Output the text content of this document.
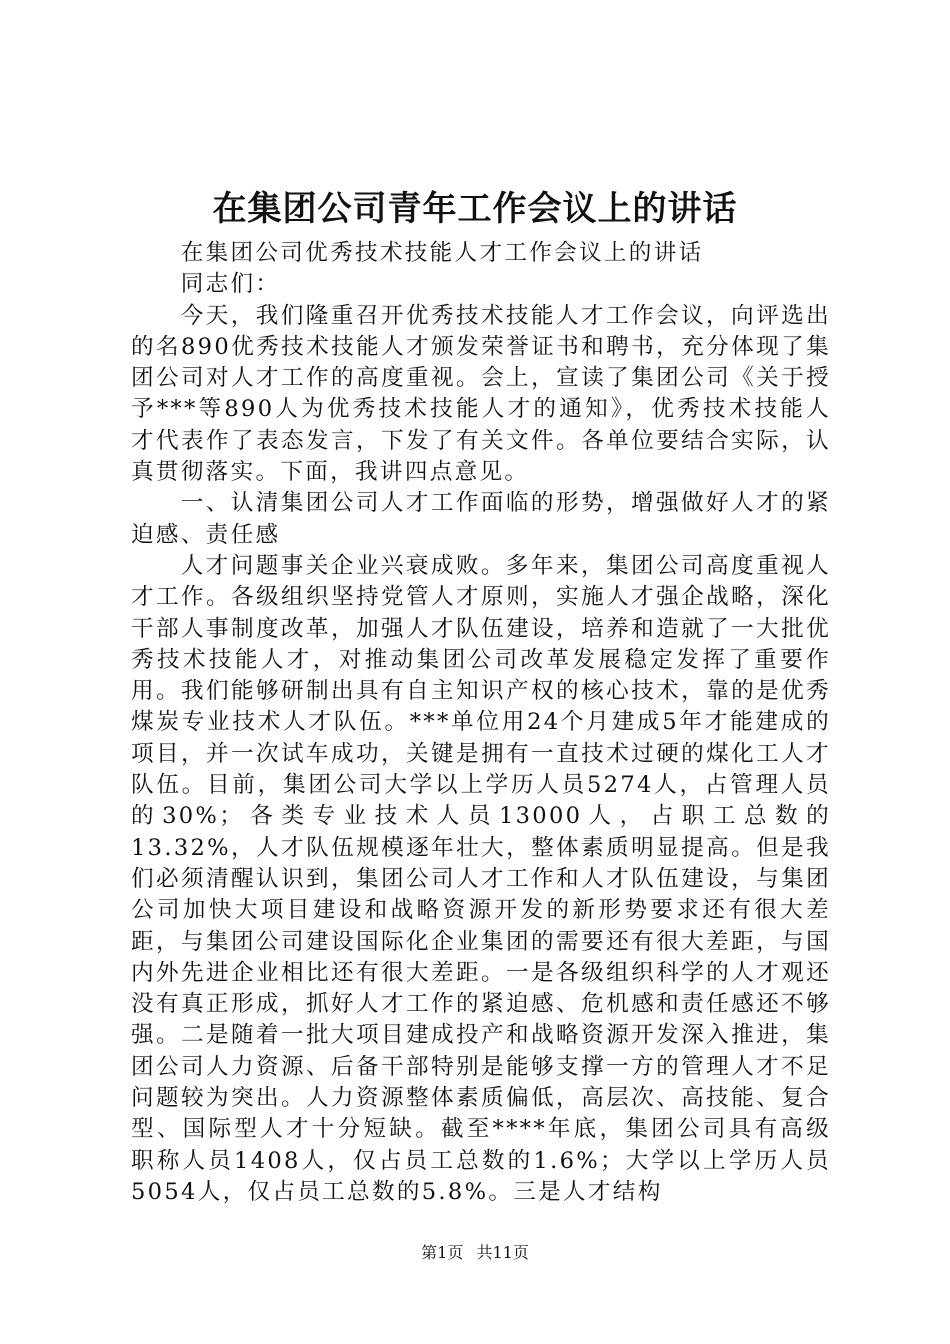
在集团公司青年工作会议上的讲话

在集团公司优秀技术技能人才工作会议上的讲话

同志们：

今天，我们隆重召开优秀技术技能人才工作会议，向评选出的名890优秀技术技能人才颁发荣誉证书和聘书，充分体现了集团公司对人才工作的高度重视。会上，宣读了集团公司《关于授予***等890人为优秀技术技能人才的通知》，优秀技术技能人才代表作了表态发言，下发了有关文件。各单位要结合实际，认真贯彻落实。下面，我讲四点意见。

一、认清集团公司人才工作面临的形势，增强做好人才的紧迫感、责任感

人才问题事关企业兴衰成败。多年来，集团公司高度重视人才工作。各级组织坚持党管人才原则，实施人才强企战略，深化干部人事制度改革，加强人才队伍建设，培养和造就了一大批优秀技术技能人才，对推动集团公司改革发展稳定发挥了重要作用。我们能够研制出具有自主知识产权的核心技术，靠的是优秀煤炭专业技术人才队伍。***单位用24个月建成5年才能建成的项目，并一次试车成功，关键是拥有一直技术过硬的煤化工人才队伍。目前，集团公司大学以上学历人员5274人，占管理人员的30%；各类专业技术人员13000人，占职工总数的13.32%，人才队伍规模逐年壮大，整体素质明显提高。但是我们必须清醒认识到，集团公司人才工作和人才队伍建设，与集团公司加快大项目建设和战略资源开发的新形势要求还有很大差距，与集团公司建设国际化企业集团的需要还有很大差距，与国内外先进企业相比还有很大差距。一是各级组织科学的人才观还没有真正形成，抓好人才工作的紧迫感、危机感和责任感还不够强。二是随着一批大项目建成投产和战略资源开发深入推进，集团公司人力资源、后备干部特别是能够支撑一方的管理人才不足问题较为突出。人力资源整体素质偏低，高层次、高技能、复合型、国际型人才十分短缺。截至****年底，集团公司具有高级职称人员1408人，仅占员工总数的1.6%；大学以上学历人员5054人，仅占员工总数的5.8%。三是人才结构

第1页 共11页
